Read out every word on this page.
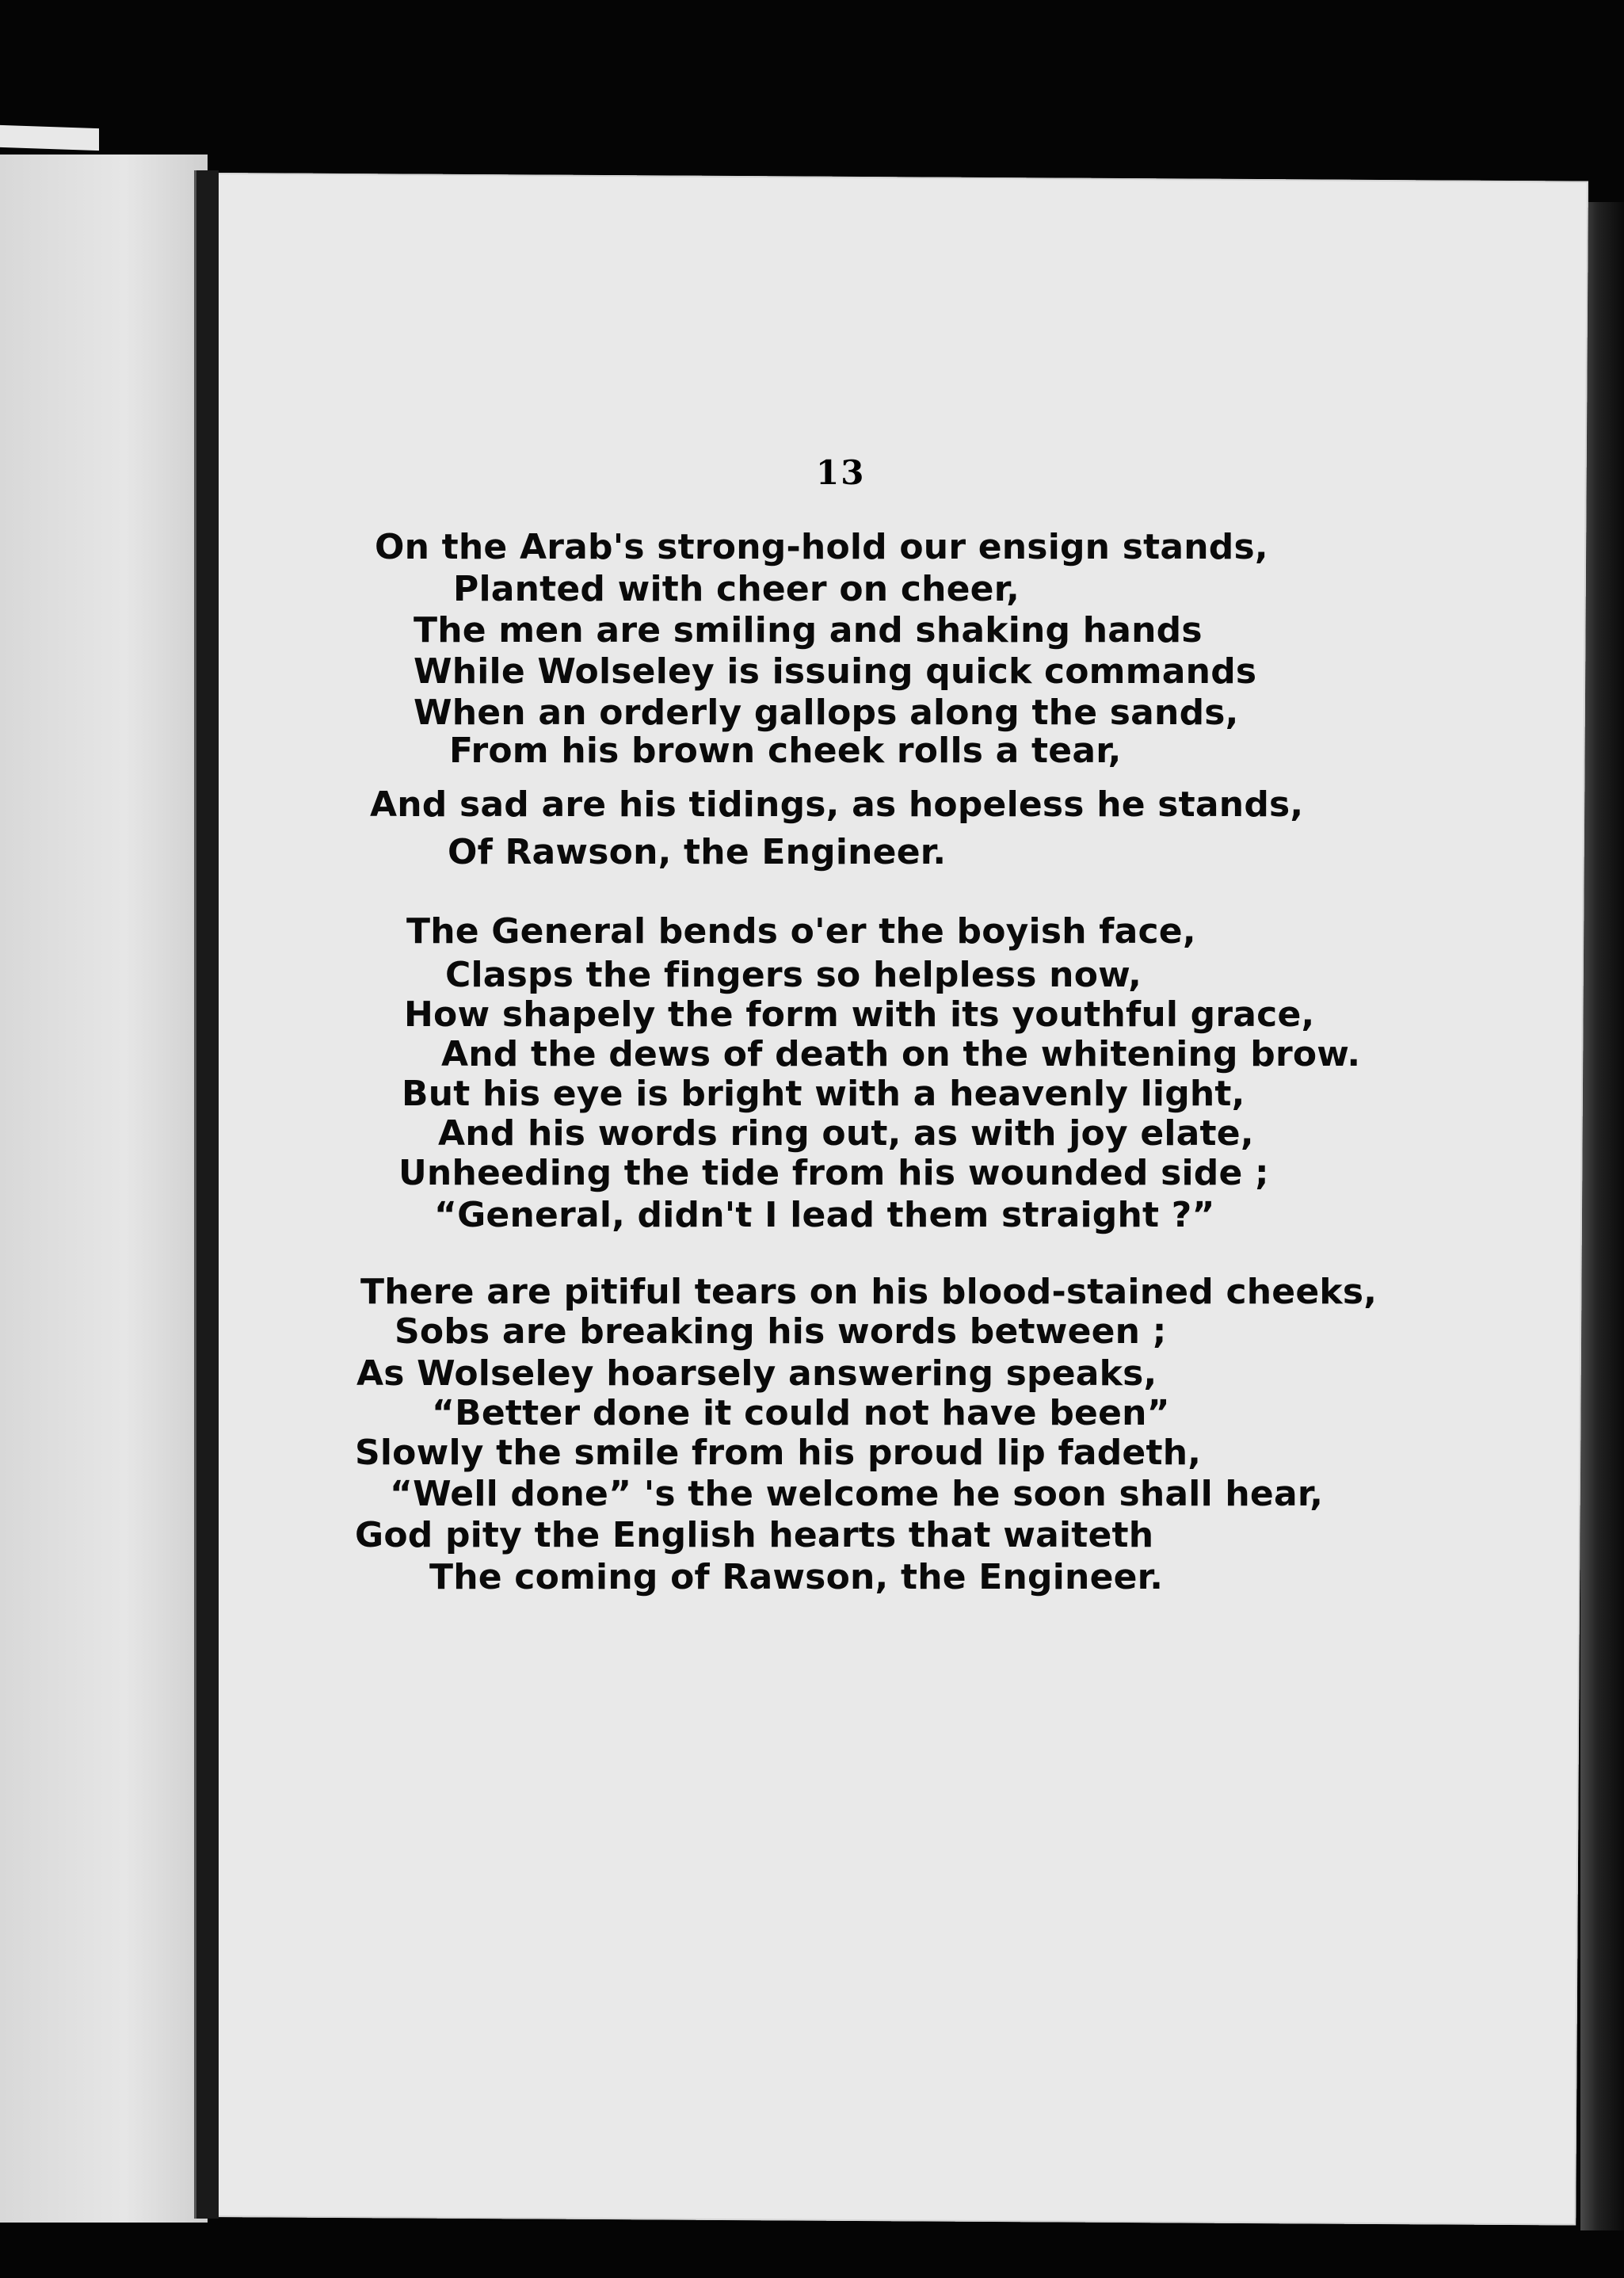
13
On the Arab's strong-hold our ensign stands,
Planted with cheer on cheer,
The men are smiling and shaking hands
While Wolseley is issuing quick commands
When an orderly gallops along the sands,
From his brown cheek rolls a tear,
And sad are his tidings, as hopeless he stands,
Of Rawson, the Engineer.
The General bends o'er the boyish face,
Clasps the fingers so helpless now,
How shapely the form with its youthful grace,
And the dews of death on the whitening brow.
But his eye is bright with a heavenly light,
And his words ring out, as with joy elate,
Unheeding the tide from his wounded side ;
“General, didn't I lead them straight ?”
There are pitiful tears on his blood-stained cheeks,
Sobs are breaking his words between ;
As Wolseley hoarsely answering speaks,
“Better done it could not have been”
Slowly the smile from his proud lip fadeth,
“Well done” 's the welcome he soon shall hear,
God pity the English hearts that waiteth
The coming of Rawson, the Engineer.
